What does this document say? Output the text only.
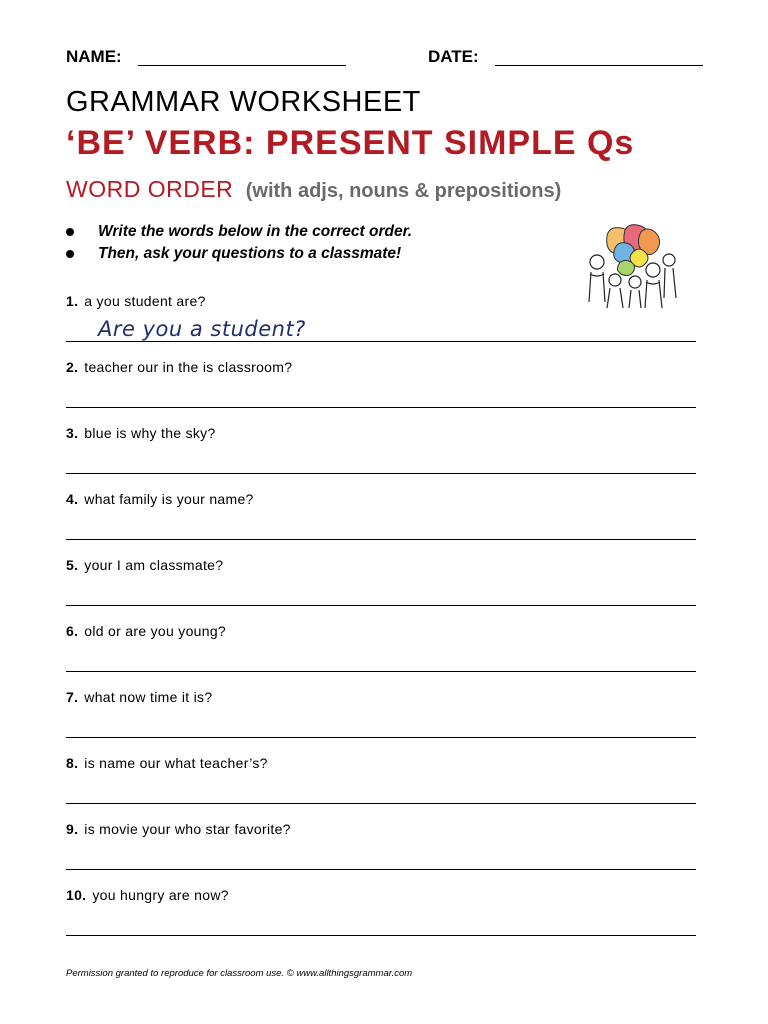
NAME:	DATE:
GRAMMAR WORKSHEET
‘BE’ VERB: PRESENT SIMPLE Qs
WORD ORDER (with adjs, nouns & prepositions)
Write the words below in the correct order.
Then, ask your questions to a classmate!
1. a you student are?
Are you a student?
2. teacher our in the is classroom?
3. blue is why the sky?
4. what family is your name?
5. your I am classmate?
6. old or are you young?
7. what now time it is?
8. is name our what teacher’s?
9. is movie your who star favorite?
10. you hungry are now?
Permission granted to reproduce for classroom use. © www.allthingsgrammar.com
